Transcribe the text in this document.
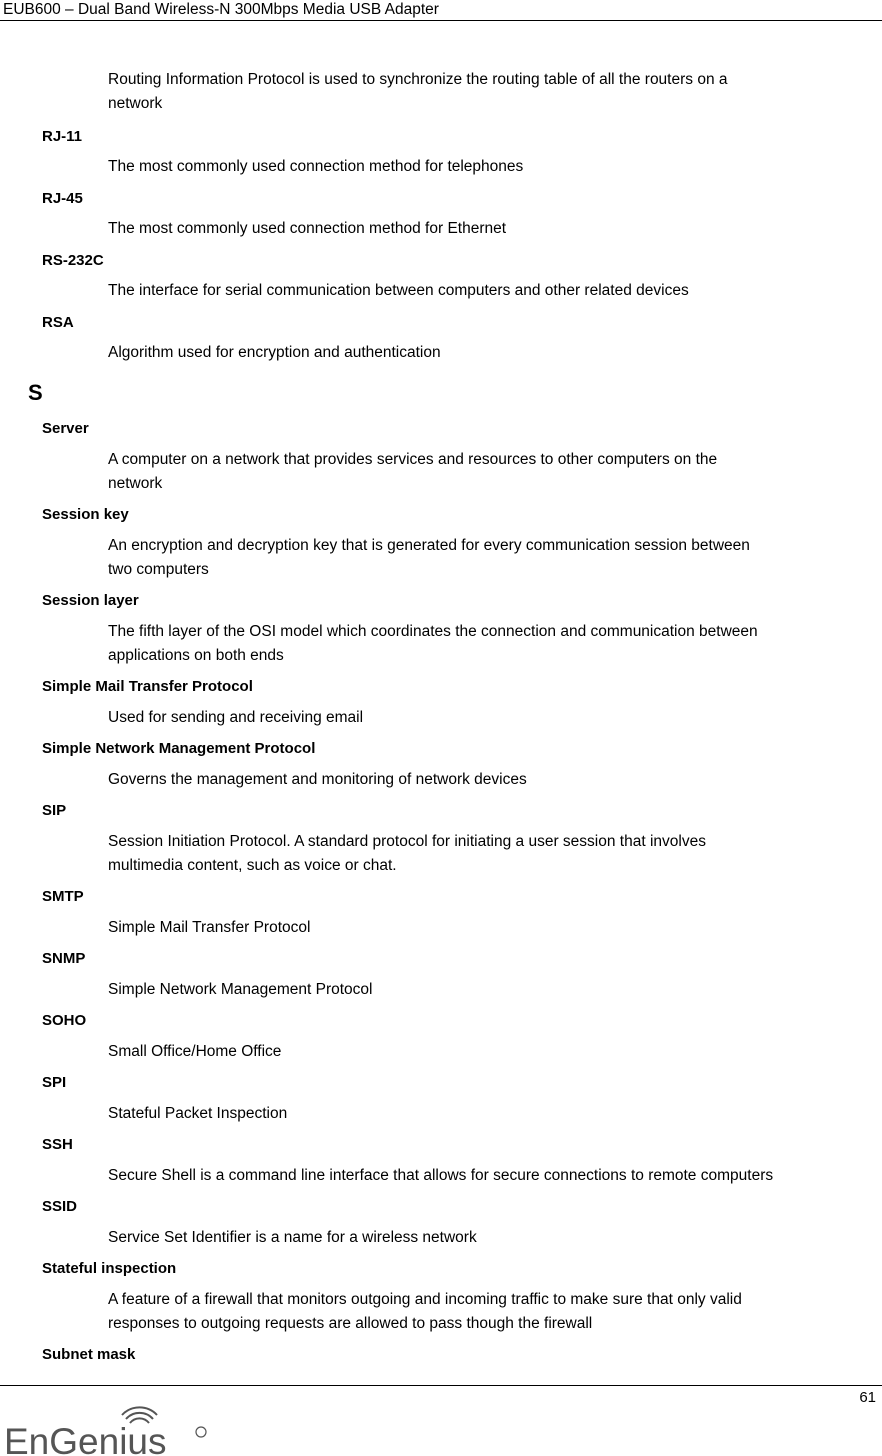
EUB600 – Dual Band Wireless-N 300Mbps Media USB Adapter
Routing Information Protocol is used to synchronize the routing table of all the routers on a
network
RJ-11
The most commonly used connection method for telephones
RJ-45
The most commonly used connection method for Ethernet
RS-232C
The interface for serial communication between computers and other related devices
RSA
Algorithm used for encryption and authentication
S
Server
A computer on a network that provides services and resources to other computers on the
network
Session key
An encryption and decryption key that is generated for every communication session between
two computers
Session layer
The fifth layer of the OSI model which coordinates the connection and communication between
applications on both ends
Simple Mail Transfer Protocol
Used for sending and receiving email
Simple Network Management Protocol
Governs the management and monitoring of network devices
SIP
Session Initiation Protocol. A standard protocol for initiating a user session that involves
multimedia content, such as voice or chat.
SMTP
Simple Mail Transfer Protocol
SNMP
Simple Network Management Protocol
SOHO
Small Office/Home Office
SPI
Stateful Packet Inspection
SSH
Secure Shell is a command line interface that allows for secure connections to remote computers
SSID
Service Set Identifier is a name for a wireless network
Stateful inspection
A feature of a firewall that monitors outgoing and incoming traffic to make sure that only valid
responses to outgoing requests are allowed to pass though the firewall
Subnet mask
61
EnGenius
